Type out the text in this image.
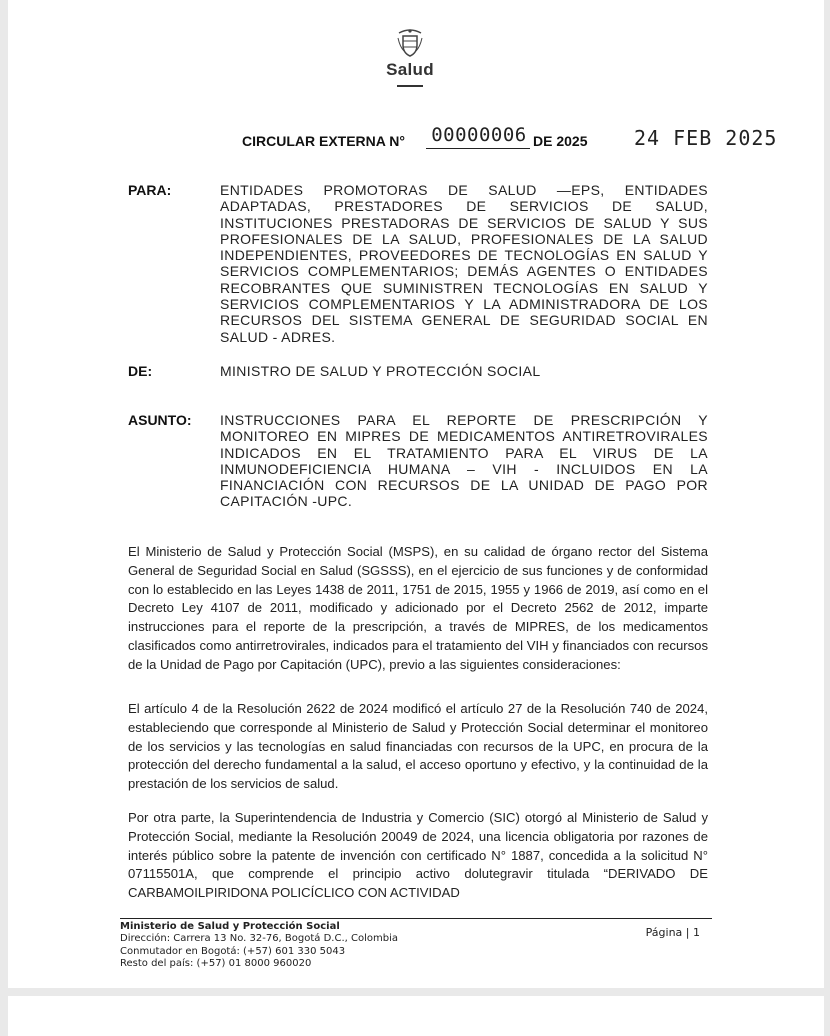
Salud
CIRCULAR EXTERNA N° 00000006 DE 2025 24 FEB 2025
PARA:	ENTIDADES PROMOTORAS DE SALUD —EPS, ENTIDADES ADAPTADAS, PRESTADORES DE SERVICIOS DE SALUD, INSTITUCIONES PRESTADORAS DE SERVICIOS DE SALUD Y SUS PROFESIONALES DE LA SALUD, PROFESIONALES DE LA SALUD INDEPENDIENTES, PROVEEDORES DE TECNOLOGÍAS EN SALUD Y SERVICIOS COMPLEMENTARIOS; DEMÁS AGENTES O ENTIDADES RECOBRANTES QUE SUMINISTREN TECNOLOGÍAS EN SALUD Y SERVICIOS COMPLEMENTARIOS Y LA ADMINISTRADORA DE LOS RECURSOS DEL SISTEMA GENERAL DE SEGURIDAD SOCIAL EN SALUD - ADRES.
DE:	MINISTRO DE SALUD Y PROTECCIÓN SOCIAL
ASUNTO: INSTRUCCIONES PARA EL REPORTE DE PRESCRIPCIÓN Y MONITOREO EN MIPRES DE MEDICAMENTOS ANTIRETROVIRALES INDICADOS EN EL TRATAMIENTO PARA EL VIRUS DE LA INMUNODEFICIENCIA HUMANA – VIH - INCLUIDOS EN LA FINANCIACIÓN CON RECURSOS DE LA UNIDAD DE PAGO POR CAPITACIÓN -UPC.
El Ministerio de Salud y Protección Social (MSPS), en su calidad de órgano rector del Sistema General de Seguridad Social en Salud (SGSSS), en el ejercicio de sus funciones y de conformidad con lo establecido en las Leyes 1438 de 2011, 1751 de 2015, 1955 y 1966 de 2019, así como en el Decreto Ley 4107 de 2011, modificado y adicionado por el Decreto 2562 de 2012, imparte instrucciones para el reporte de la prescripción, a través de MIPRES, de los medicamentos clasificados como antirretrovirales, indicados para el tratamiento del VIH y financiados con recursos de la Unidad de Pago por Capitación (UPC), previo a las siguientes consideraciones:
El artículo 4 de la Resolución 2622 de 2024 modificó el artículo 27 de la Resolución 740 de 2024, estableciendo que corresponde al Ministerio de Salud y Protección Social determinar el monitoreo de los servicios y las tecnologías en salud financiadas con recursos de la UPC, en procura de la protección del derecho fundamental a la salud, el acceso oportuno y efectivo, y la continuidad de la prestación de los servicios de salud.
Por otra parte, la Superintendencia de Industria y Comercio (SIC) otorgó al Ministerio de Salud y Protección Social, mediante la Resolución 20049 de 2024, una licencia obligatoria por razones de interés público sobre la patente de invención con certificado N° 1887, concedida a la solicitud N° 07115501A, que comprende el principio activo dolutegravir titulada “DERIVADO DE CARBAMOILPIRIDONA POLICÍCLICO CON ACTIVIDAD
Ministerio de Salud y Protección Social
Dirección: Carrera 13 No. 32-76, Bogotá D.C., Colombia
Conmutador en Bogotá: (+57) 601 330 5043
Resto del país: (+57) 01 8000 960020
Página | 1
